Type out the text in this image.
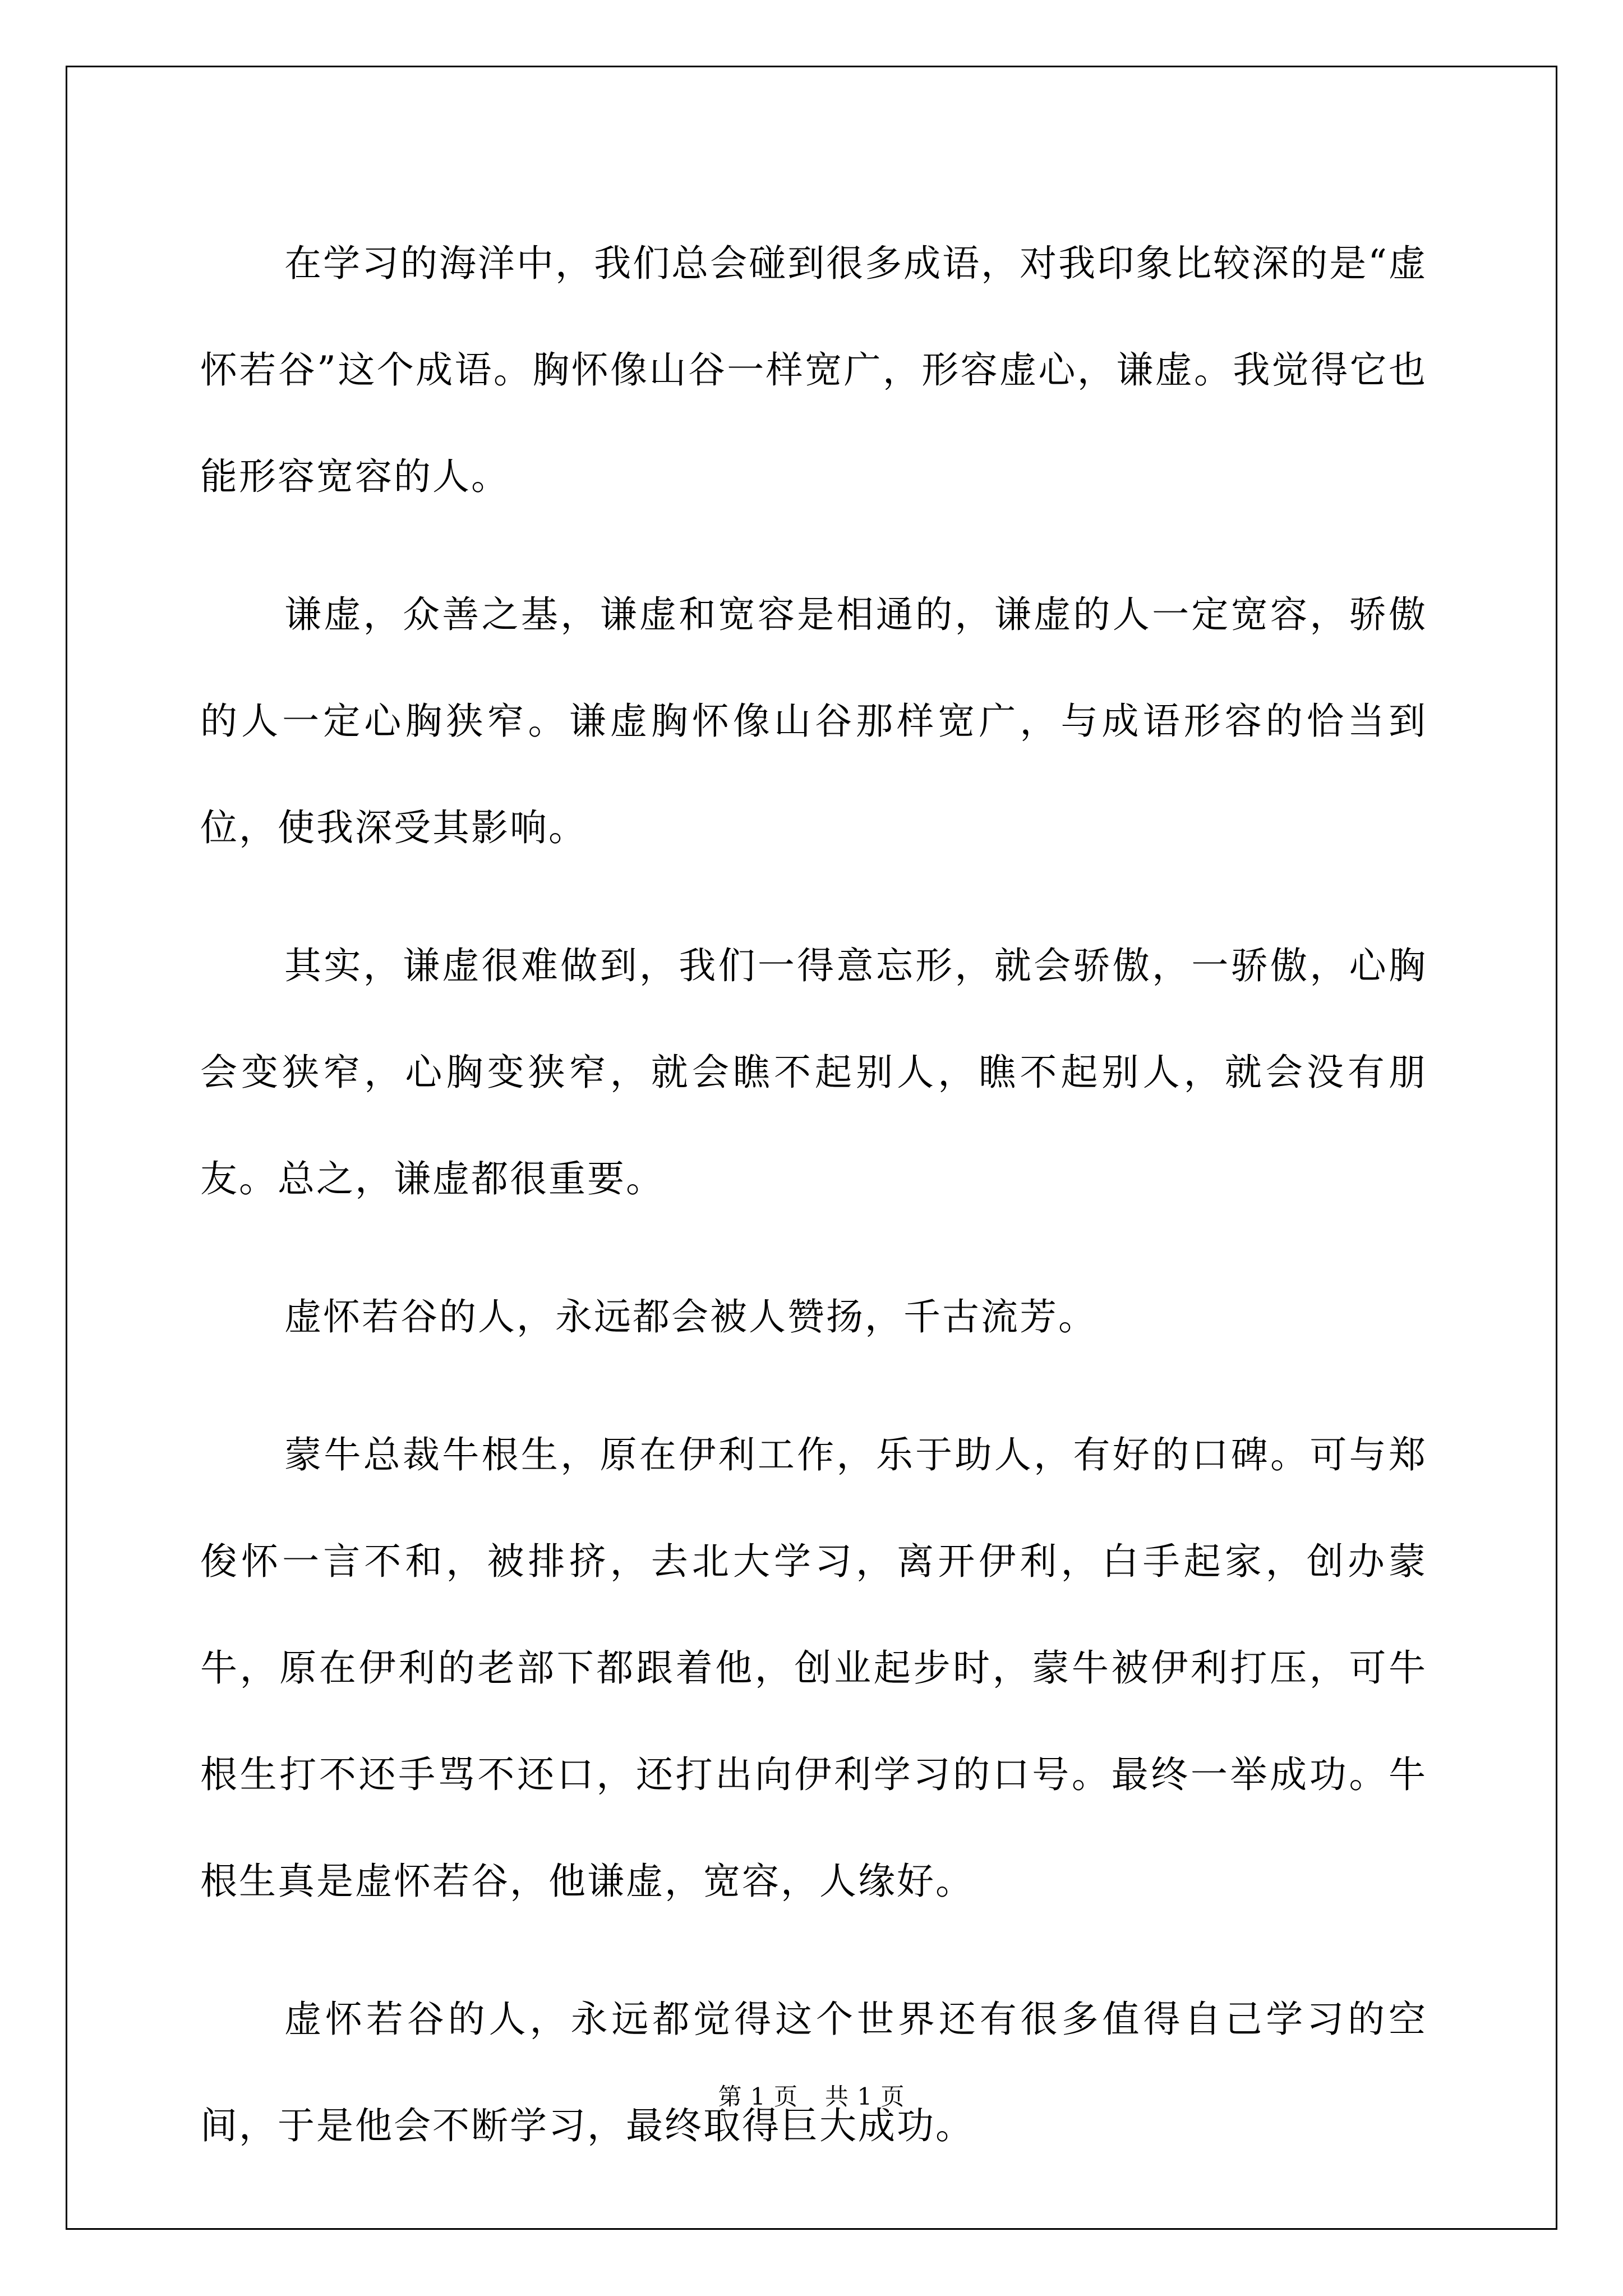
在学习的海洋中，我们总会碰到很多成语，对我印象比较深的是“虚怀若谷”这个成语。胸怀像山谷一样宽广，形容虚心，谦虚。我觉得它也能形容宽容的人。

谦虚，众善之基，谦虚和宽容是相通的，谦虚的人一定宽容，骄傲的人一定心胸狭窄。谦虚胸怀像山谷那样宽广，与成语形容的恰当到位，使我深受其影响。

其实，谦虚很难做到，我们一得意忘形，就会骄傲，一骄傲，心胸会变狭窄，心胸变狭窄，就会瞧不起别人，瞧不起别人，就会没有朋友。总之，谦虚都很重要。

虚怀若谷的人，永远都会被人赞扬，千古流芳。

蒙牛总裁牛根生，原在伊利工作，乐于助人，有好的口碑。可与郑俊怀一言不和，被排挤，去北大学习，离开伊利，白手起家，创办蒙牛，原在伊利的老部下都跟着他，创业起步时，蒙牛被伊利打压，可牛根生打不还手骂不还口，还打出向伊利学习的口号。最终一举成功。牛根生真是虚怀若谷，他谦虚，宽容，人缘好。

虚怀若谷的人，永远都觉得这个世界还有很多值得自己学习的空间，于是他会不断学习，最终取得巨大成功。

第 1 页 共 1 页
